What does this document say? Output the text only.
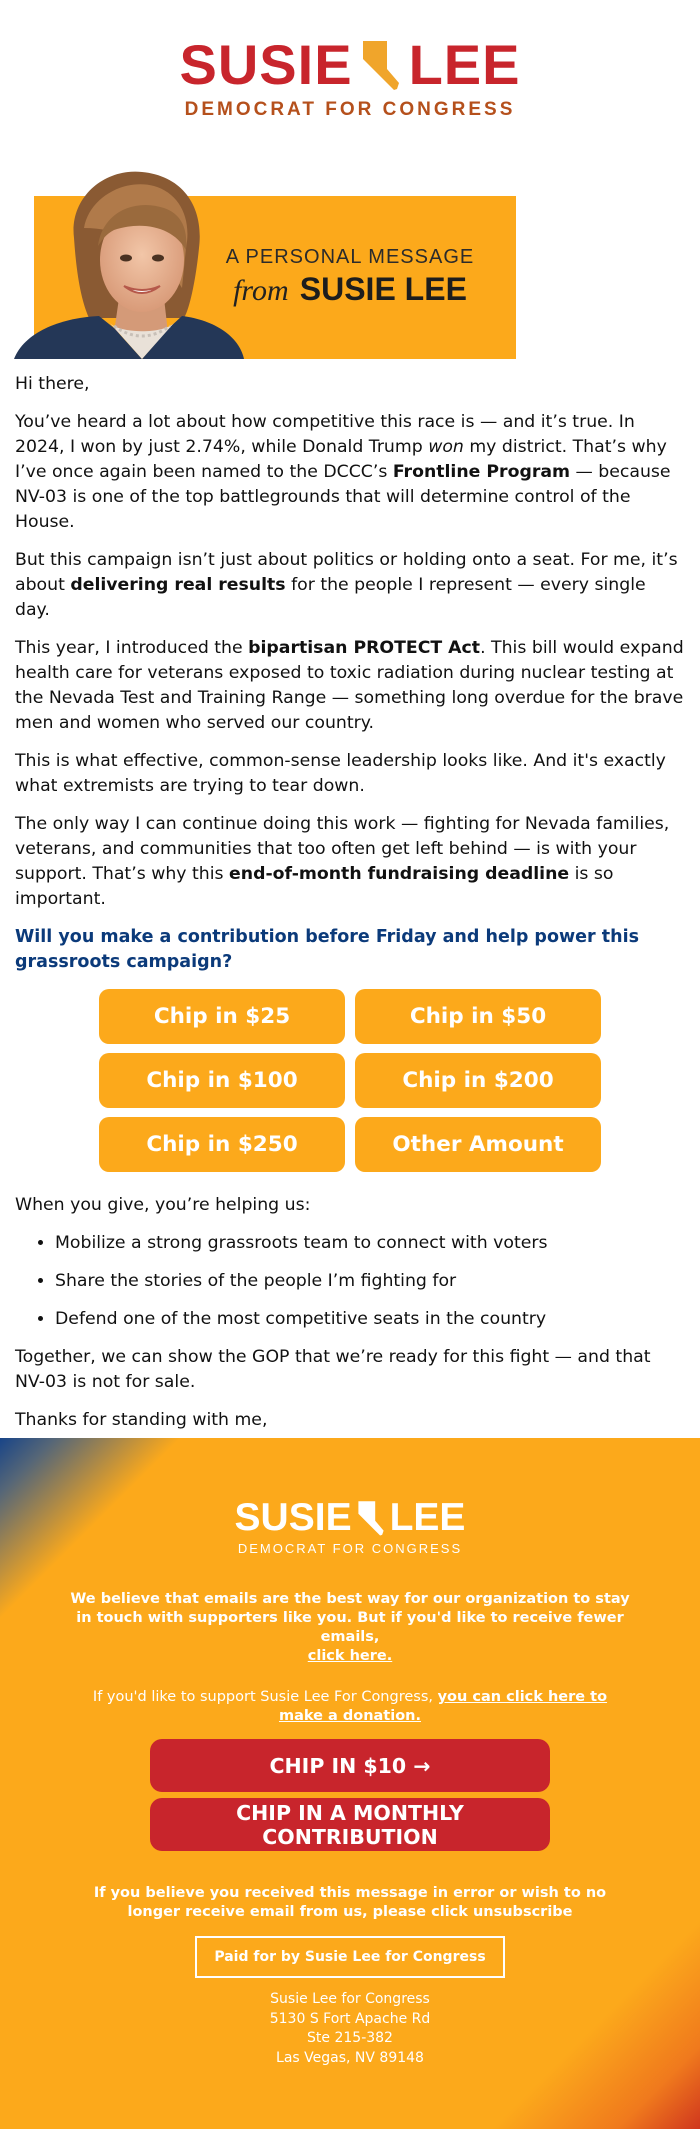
SUSIE LEE
DEMOCRAT FOR CONGRESS
A PERSONAL MESSAGE
from SUSIE LEE

Hi there,

You’ve heard a lot about how competitive this race is — and it’s true. In 2024, I won by just 2.74%, while Donald Trump won my district. That’s why I’ve once again been named to the DCCC’s Frontline Program — because NV-03 is one of the top battlegrounds that will determine control of the House.

But this campaign isn’t just about politics or holding onto a seat. For me, it’s about delivering real results for the people I represent — every single day.

This year, I introduced the bipartisan PROTECT Act. This bill would expand health care for veterans exposed to toxic radiation during nuclear testing at the Nevada Test and Training Range — something long overdue for the brave men and women who served our country.

This is what effective, common-sense leadership looks like. And it's exactly what extremists are trying to tear down.

The only way I can continue doing this work — fighting for Nevada families, veterans, and communities that too often get left behind — is with your support. That’s why this end-of-month fundraising deadline is so important.

Will you make a contribution before Friday and help power this grassroots campaign?
Chip in $25	Chip in $50
Chip in $100	Chip in $200
Chip in $250	Other Amount

When you give, you’re helping us:

• Mobilize a strong grassroots team to connect with voters
• Share the stories of the people I’m fighting for
• Defend one of the most competitive seats in the country

Together, we can show the GOP that we’re ready for this fight — and that NV-03 is not for sale.

Thanks for standing with me,

SUSIE LEE
DEMOCRAT FOR CONGRESS
We believe that emails are the best way for our organization to stay in touch with supporters like you. But if you'd like to receive fewer emails,
click here.
If you'd like to support Susie Lee For Congress, you can click here to make a donation.
CHIP IN $10 →
CHIP IN A MONTHLY CONTRIBUTION
If you believe you received this message in error or wish to no longer receive email from us, please click unsubscribe
Paid for by Susie Lee for Congress
Susie Lee for Congress
5130 S Fort Apache Rd
Ste 215-382
Las Vegas, NV 89148
